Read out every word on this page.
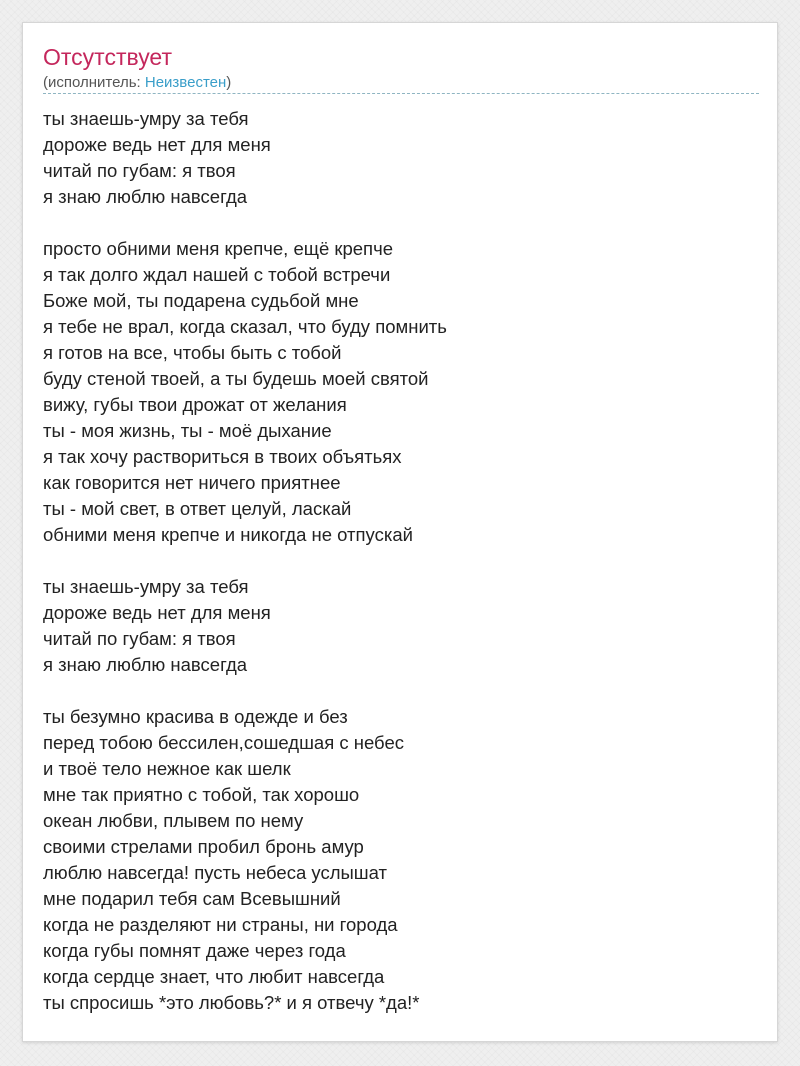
Отсутствует
(исполнитель: Неизвестен)
ты знаешь-умру за тебя
дороже ведь нет для меня
читай по губам: я твоя
я знаю люблю навсегда
просто обними меня крепче, ещё крепче
я так долго ждал нашей с тобой встречи
Боже мой, ты подарена судьбой мне
я тебе не врал, когда сказал, что буду помнить
я готов на все, чтобы быть с тобой
буду стеной твоей, а ты будешь моей святой
вижу, губы твои дрожат от желания
ты - моя жизнь, ты - моё дыхание
я так хочу раствориться в твоих объятьях
как говорится нет ничего приятнее
ты - мой свет, в ответ целуй, ласкай
обними меня крепче и никогда не отпускай
ты знаешь-умру за тебя
дороже ведь нет для меня
читай по губам: я твоя
я знаю люблю навсегда
ты безумно красива в одежде и без
перед тобою бессилен,сошедшая с небес
и твоё тело нежное как шелк
мне так приятно с тобой, так хорошо
океан любви, плывем по нему
своими стрелами пробил бронь амур
люблю навсегда! пусть небеса услышат
мне подарил тебя сам Всевышний
когда не разделяют ни страны, ни города
когда губы помнят даже через года
когда сердце знает, что любит навсегда
ты спросишь *это любовь?* и я отвечу *да!*
